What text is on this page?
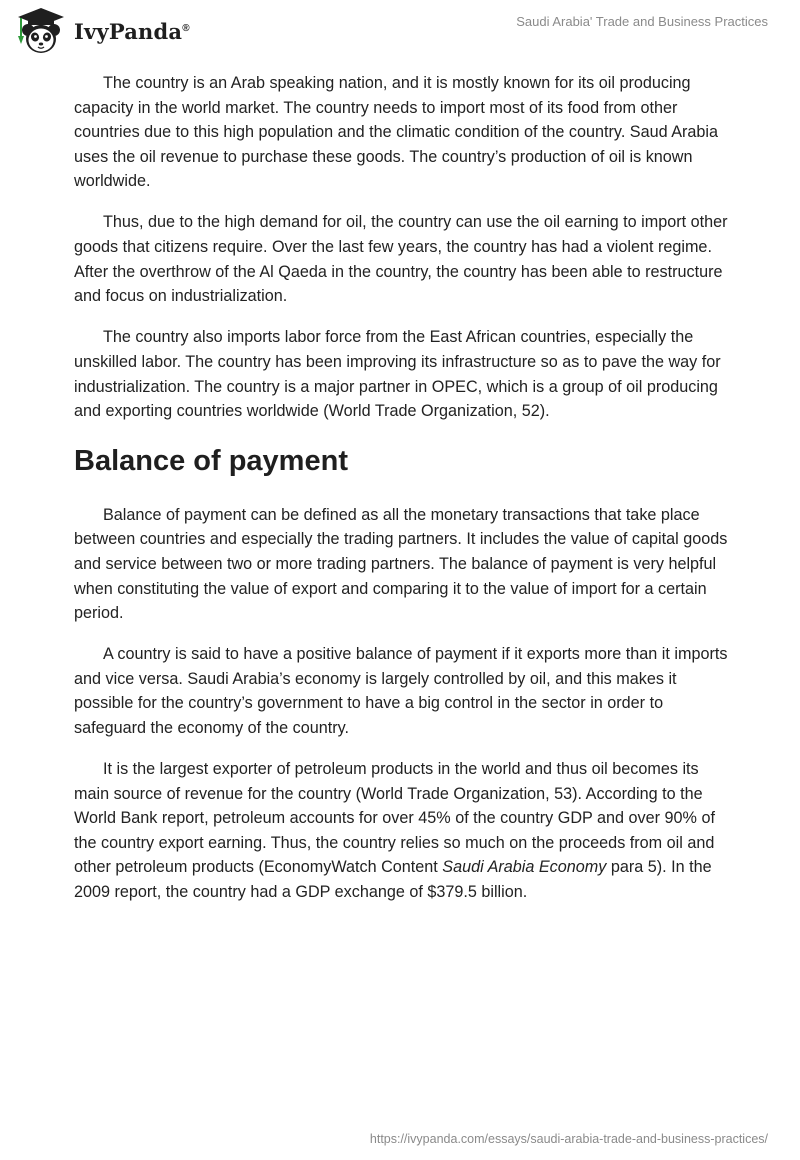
IvyPanda®	Saudi Arabia' Trade and Business Practices

The country is an Arab speaking nation, and it is mostly known for its oil producing capacity in the world market. The country needs to import most of its food from other countries due to this high population and the climatic condition of the country. Saud Arabia uses the oil revenue to purchase these goods. The country’s production of oil is known worldwide.

Thus, due to the high demand for oil, the country can use the oil earning to import other goods that citizens require. Over the last few years, the country has had a violent regime. After the overthrow of the Al Qaeda in the country, the country has been able to restructure and focus on industrialization.

The country also imports labor force from the East African countries, especially the unskilled labor. The country has been improving its infrastructure so as to pave the way for industrialization. The country is a major partner in OPEC, which is a group of oil producing and exporting countries worldwide (World Trade Organization, 52).

Balance of payment

Balance of payment can be defined as all the monetary transactions that take place between countries and especially the trading partners. It includes the value of capital goods and service between two or more trading partners. The balance of payment is very helpful when constituting the value of export and comparing it to the value of import for a certain period.

A country is said to have a positive balance of payment if it exports more than it imports and vice versa. Saudi Arabia’s economy is largely controlled by oil, and this makes it possible for the country’s government to have a big control in the sector in order to safeguard the economy of the country.

It is the largest exporter of petroleum products in the world and thus oil becomes its main source of revenue for the country (World Trade Organization, 53). According to the World Bank report, petroleum accounts for over 45% of the country GDP and over 90% of the country export earning. Thus, the country relies so much on the proceeds from oil and other petroleum products (EconomyWatch Content Saudi Arabia Economy para 5). In the 2009 report, the country had a GDP exchange of $379.5 billion.

https://ivypanda.com/essays/saudi-arabia-trade-and-business-practices/
